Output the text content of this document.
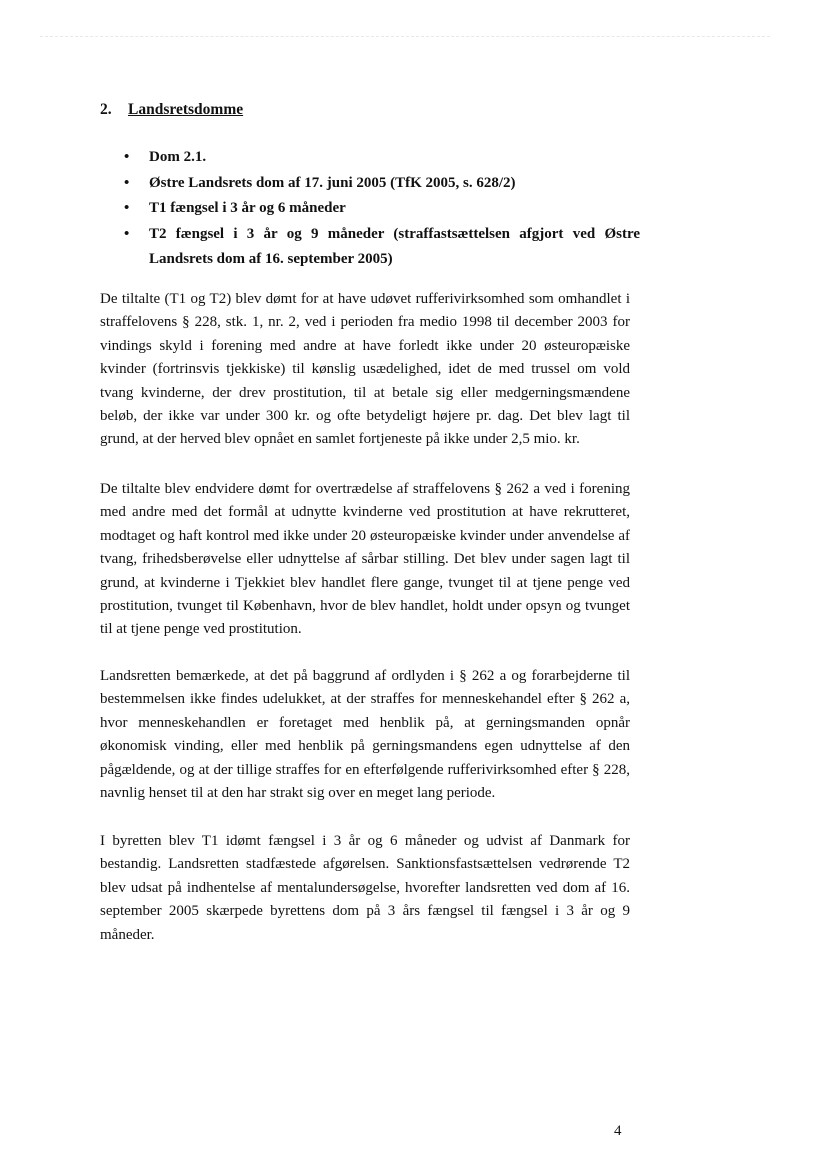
2. Landsretsdomme
• Dom 2.1.
• Østre Landsrets dom af 17. juni 2005 (TfK 2005, s. 628/2)
• T1 fængsel i 3 år og 6 måneder
• T2 fængsel i 3 år og 9 måneder (straffastsættelsen afgjort ved Østre Landsrets dom af 16. september 2005)

De tiltalte (T1 og T2) blev dømt for at have udøvet rufferivirksomhed som omhandlet i straffelovens § 228, stk. 1, nr. 2, ved i perioden fra medio 1998 til december 2003 for vindings skyld i forening med andre at have forledt ikke under 20 østeuropæiske kvinder (fortrinsvis tjekkiske) til kønslig usædelighed, idet de med trussel om vold tvang kvinderne, der drev prostitution, til at betale sig eller medgerningsmændene beløb, der ikke var under 300 kr. og ofte betydeligt højere pr. dag. Det blev lagt til grund, at der herved blev opnået en samlet fortjeneste på ikke under 2,5 mio. kr.

De tiltalte blev endvidere dømt for overtrædelse af straffelovens § 262 a ved i forening med andre med det formål at udnytte kvinderne ved prostitution at have rekrutteret, modtaget og haft kontrol med ikke under 20 østeuropæiske kvinder under anvendelse af tvang, frihedsberøvelse eller udnyttelse af sårbar stilling. Det blev under sagen lagt til grund, at kvinderne i Tjekkiet blev handlet flere gange, tvunget til at tjene penge ved prostitution, tvunget til København, hvor de blev handlet, holdt under opsyn og tvunget til at tjene penge ved prostitution.

Landsretten bemærkede, at det på baggrund af ordlyden i § 262 a og forarbejderne til bestemmelsen ikke findes udelukket, at der straffes for menneskehandel efter § 262 a, hvor menneskehandlen er foretaget med henblik på, at gerningsmanden opnår økonomisk vinding, eller med henblik på gerningsmandens egen udnyttelse af den pågældende, og at der tillige straffes for en efterfølgende rufferivirksomhed efter § 228, navnlig henset til at den har strakt sig over en meget lang periode.

I byretten blev T1 idømt fængsel i 3 år og 6 måneder og udvist af Danmark for bestandig. Landsretten stadfæstede afgørelsen. Sanktionsfastsættelsen vedrørende T2 blev udsat på indhentelse af mentalundersøgelse, hvorefter landsretten ved dom af 16. september 2005 skærpede byrettens dom på 3 års fængsel til fængsel i 3 år og 9 måneder.

4
